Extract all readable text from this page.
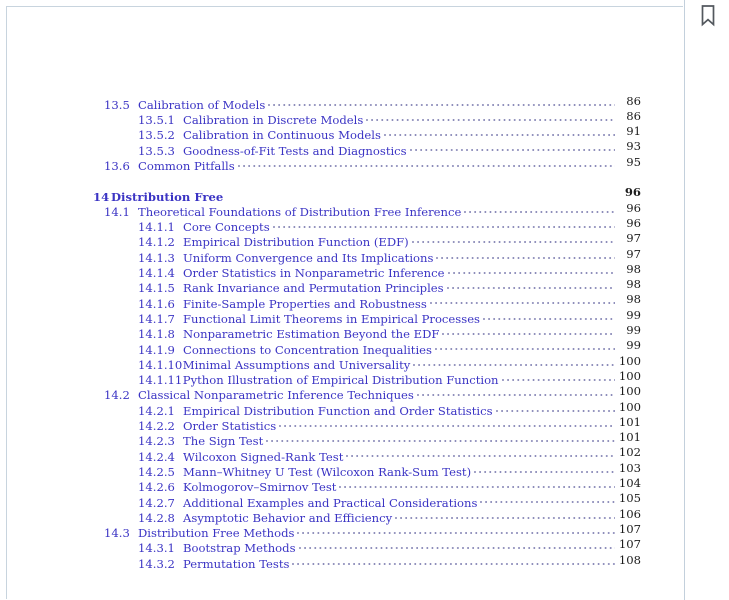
13.5 Calibration of Models	86
13.5.1 Calibration in Discrete Models	86
13.5.2 Calibration in Continuous Models	91
13.5.3 Goodness-of-Fit Tests and Diagnostics	93
13.6 Common Pitfalls	95
14 Distribution Free	96
14.1 Theoretical Foundations of Distribution Free Inference	96
14.1.1 Core Concepts	96
14.1.2 Empirical Distribution Function (EDF)	97
14.1.3 Uniform Convergence and Its Implications	97
14.1.4 Order Statistics in Nonparametric Inference	98
14.1.5 Rank Invariance and Permutation Principles	98
14.1.6 Finite-Sample Properties and Robustness	98
14.1.7 Functional Limit Theorems in Empirical Processes	99
14.1.8 Nonparametric Estimation Beyond the EDF	99
14.1.9 Connections to Concentration Inequalities	99
14.1.10 Minimal Assumptions and Universality	100
14.1.11 Python Illustration of Empirical Distribution Function	100
14.2 Classical Nonparametric Inference Techniques	100
14.2.1 Empirical Distribution Function and Order Statistics	100
14.2.2 Order Statistics	101
14.2.3 The Sign Test	101
14.2.4 Wilcoxon Signed-Rank Test	102
14.2.5 Mann–Whitney U Test (Wilcoxon Rank-Sum Test)	103
14.2.6 Kolmogorov–Smirnov Test	104
14.2.7 Additional Examples and Practical Considerations	105
14.2.8 Asymptotic Behavior and Efficiency	106
14.3 Distribution Free Methods	107
14.3.1 Bootstrap Methods	107
14.3.2 Permutation Tests	108
